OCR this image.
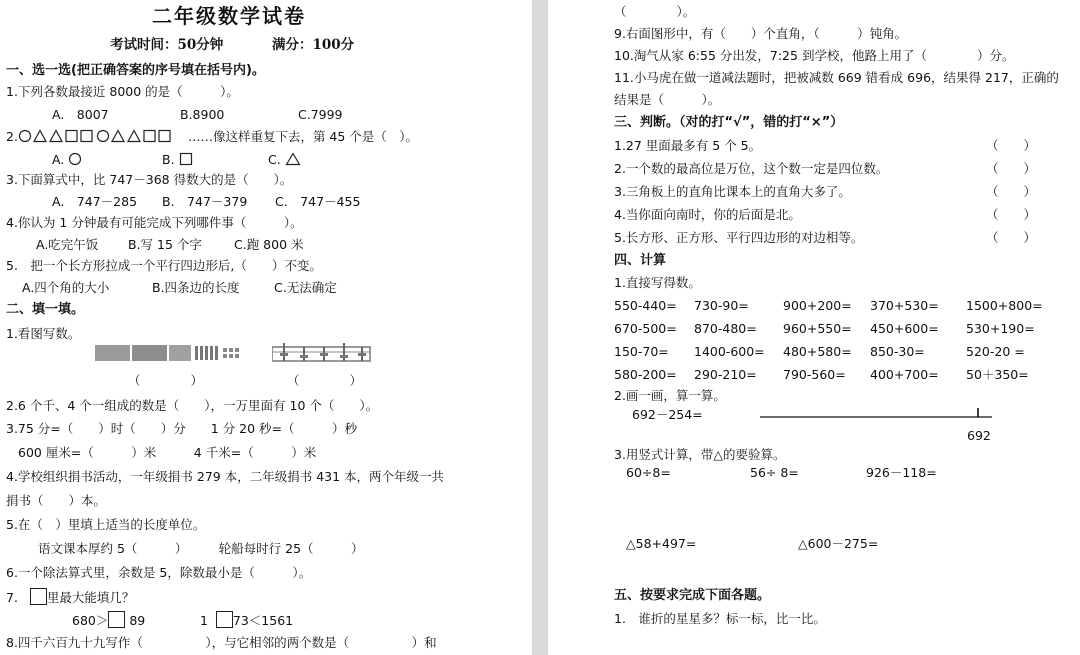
二年级数学试卷
考试时间：50分钟	满分：100分
一、选一选(把正确答案的序号填在括号内)。
1.下列各数最接近 8000 的是（　　　）。
A.　8007	B.8900	C.7999
2.	……像这样重复下去，第 45 个是（　）。
A.	B.	C.
3.下面算式中，比 747－368 得数大的是（　　）。
A.　747－285 B.　747－379 C.　747－455
4.你认为 1 分钟最有可能完成下列哪件事（　　　）。
A.吃完午饭 B.写 15 个字	C.跑 800 米
5.　把一个长方形拉成一个平行四边形后,（　　）不变。
A.四个角的大小	B.四条边的长度	C.无法确定
二、填一填。
1.看图写数。
（　　　　）	（　　　　）
2.6 个千、4 个一组成的数是（　　），一万里面有 10 个（　　）。
3.75 分=（　　）时（　　）分　　1 分 20 秒=（　　　）秒
600 厘米=（　　　）米　　　4 千米=（　　　）米
4.学校组织捐书活动，一年级捐书 279 本，二年级捐书 431 本，两个年级一共
捐书（　　）本。
5.在（　）里填上适当的长度单位。
语文课本厚约 5（　　　）　　　轮船每时行 25（　　　）
6.一个除法算式里，余数是 5，除数最小是（　　　）。
7. 里最大能填几？
680＞ 89	1 73＜1561
8.四千六百九十九写作（　　　　　），与它相邻的两个数是（　　　　　）和
（　　　　）。
9.右面图形中，有（　　）个直角，（　　　）钝角。
10.淘气从家 6:55 分出发，7:25 到学校，他路上用了（　　　　）分。
11.小马虎在做一道减法题时，把被减数 669 错看成 696，结果得 217，正确的
结果是（　　　）。
三、判断。（对的打“√”，错的打“×”）
1.27 里面最多有 5 个 5。	（　　）
2.一个数的最高位是万位，这个数一定是四位数。	（　　）
3.三角板上的直角比课本上的直角大多了。	（　　）
4.当你面向南时，你的后面是北。	（　　）
5.长方形、正方形、平行四边形的对边相等。	（　　）
四、计算
1.直接写得数。
550-440= 730-90=	900+200= 370+530= 1500+800=
670-500= 870-480= 960+550= 450+600= 530+190=
150-70= 1400-600= 480+580= 850-30=	520-20 =
580-200= 290-210= 790-560= 400+700= 50＋350=
2.画一画，算一算。
692－254=
692
3.用竖式计算，带△的要验算。
60÷8=	56÷ 8=	926－118=
△58+497=	△600－275=
五、按要求完成下面各题。
1.　谁折的星星多？标一标，比一比。
